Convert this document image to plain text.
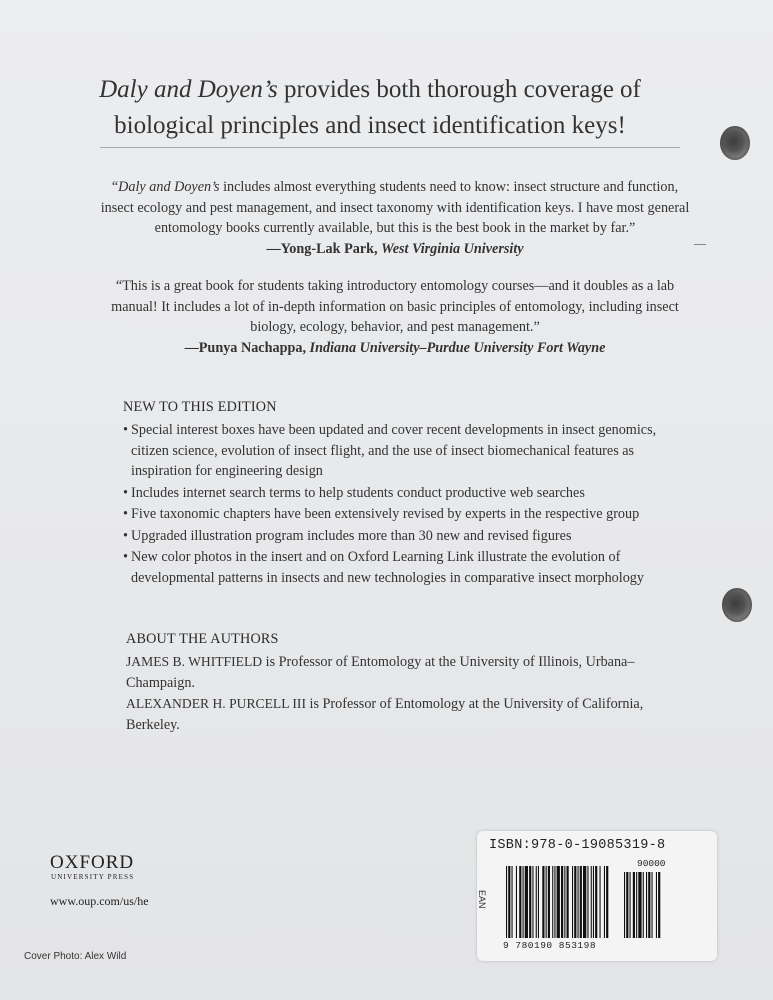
Daly and Doyen’s provides both thorough coverage of biological principles and insect identification keys!
“Daly and Doyen’s includes almost everything students need to know: insect structure and function, insect ecology and pest management, and insect taxonomy with identification keys. I have most general entomology books currently available, but this is the best book in the market by far.”
—Yong-Lak Park, West Virginia University
“This is a great book for students taking introductory entomology courses—and it doubles as a lab manual! It includes a lot of in-depth information on basic principles of entomology, including insect biology, ecology, behavior, and pest management.”
—Punya Nachappa, Indiana University–Purdue University Fort Wayne
NEW TO THIS EDITION
• Special interest boxes have been updated and cover recent developments in insect genomics, citizen science, evolution of insect flight, and the use of insect biomechanical features as inspiration for engineering design
• Includes internet search terms to help students conduct productive web searches
• Five taxonomic chapters have been extensively revised by experts in the respective group
• Upgraded illustration program includes more than 30 new and revised figures
• New color photos in the insert and on Oxford Learning Link illustrate the evolution of developmental patterns in insects and new technologies in comparative insect morphology
ABOUT THE AUTHORS
JAMES B. WHITFIELD is Professor of Entomology at the University of Illinois, Urbana–Champaign.
ALEXANDER H. PURCELL III is Professor of Entomology at the University of California, Berkeley.
OXFORD
UNIVERSITY PRESS
www.oup.com/us/he
Cover Photo: Alex Wild
ISBN:978-0-19085319-8
EAN
90000
9 780190 853198
